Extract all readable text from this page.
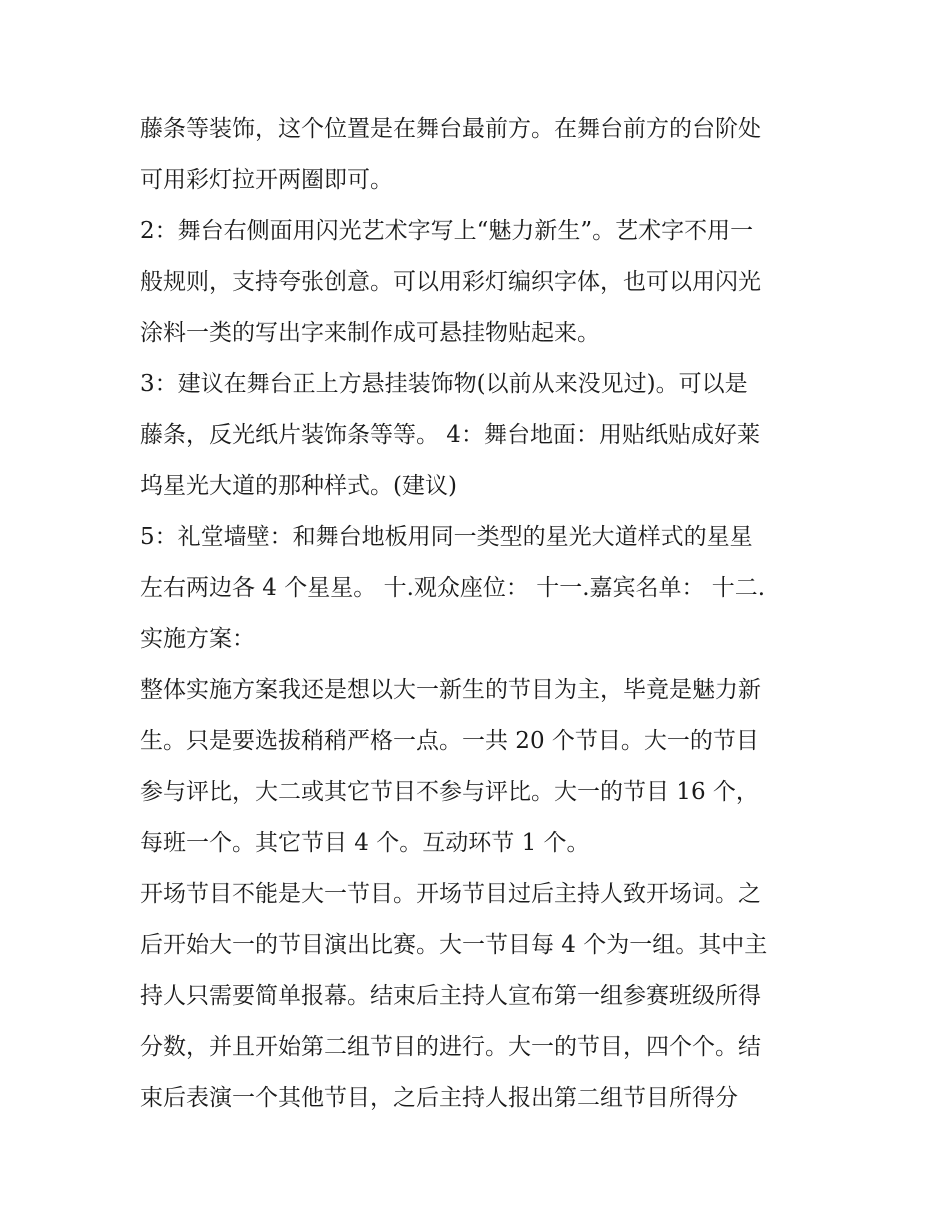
藤条等装饰，这个位置是在舞台最前方。在舞台前方的台阶处
可用彩灯拉开两圈即可。
2：舞台右侧面用闪光艺术字写上“魅力新生”。艺术字不用一
般规则，支持夸张创意。可以用彩灯编织字体，也可以用闪光
涂料一类的写出字来制作成可悬挂物贴起来。
3：建议在舞台正上方悬挂装饰物(以前从来没见过)。可以是
藤条，反光纸片装饰条等等。 4：舞台地面：用贴纸贴成好莱
坞星光大道的那种样式。(建议)
5：礼堂墙壁：和舞台地板用同一类型的星光大道样式的星星
左右两边各 4 个星星。 十.观众座位： 十一.嘉宾名单： 十二.
实施方案：
整体实施方案我还是想以大一新生的节目为主，毕竟是魅力新
生。只是要选拔稍稍严格一点。一共 20 个节目。大一的节目
参与评比，大二或其它节目不参与评比。大一的节目 16 个，
每班一个。其它节目 4 个。互动环节 1 个。
开场节目不能是大一节目。开场节目过后主持人致开场词。之
后开始大一的节目演出比赛。大一节目每 4 个为一组。其中主
持人只需要简单报幕。结束后主持人宣布第一组参赛班级所得
分数，并且开始第二组节目的进行。大一的节目，四个个。结
束后表演一个其他节目，之后主持人报出第二组节目所得分
